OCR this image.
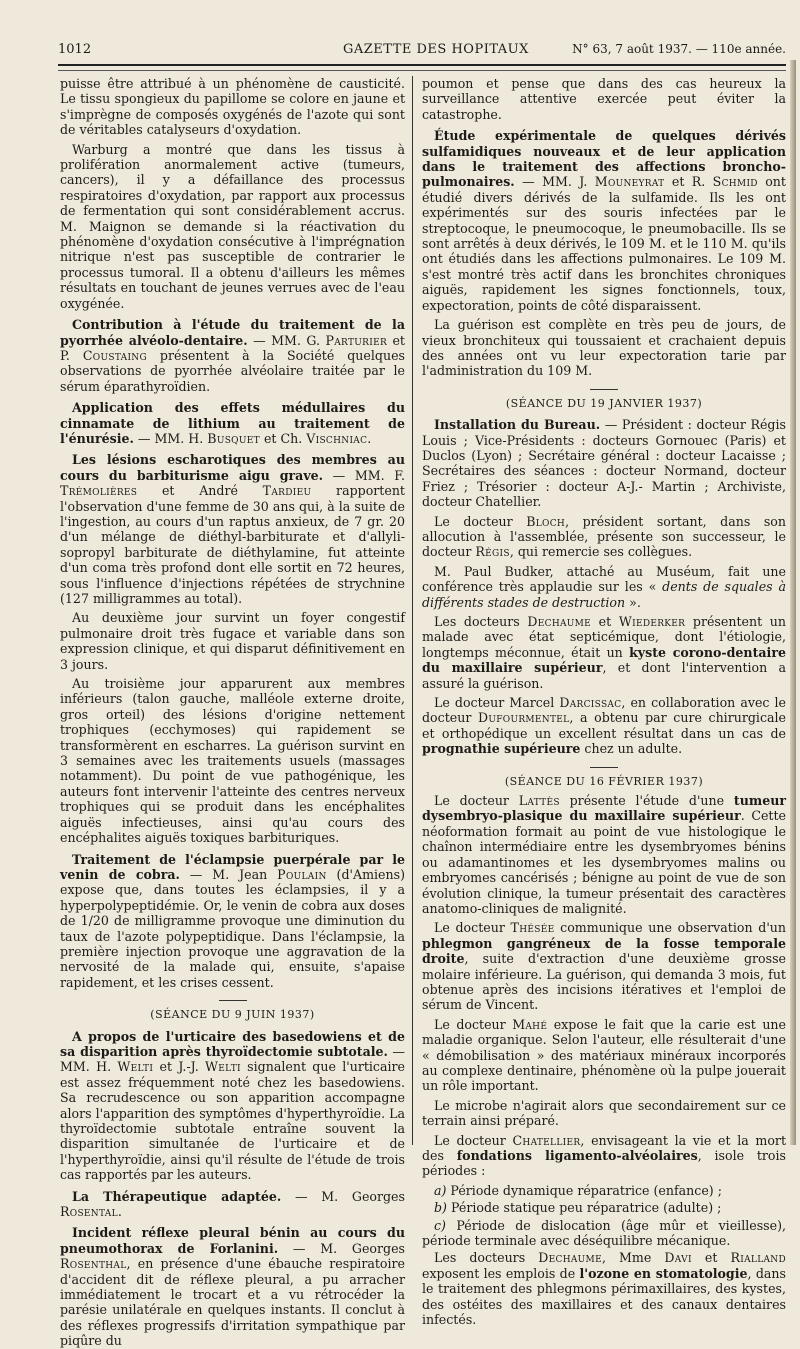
1012	GAZETTE DES HOPITAUX	N° 63, 7 août 1937. — 110e année.

puisse être attribué à un phénomène de causticité. Le tissu spongieux du papillome se colore en jaune et s'imprègne de composés oxygénés de l'azote qui sont de véritables catalyseurs d'oxydation.

Warburg a montré que dans les tissus à prolifération anormalement active (tumeurs, cancers), il y a défaillance des processus respiratoires d'oxydation, par rapport aux processus de fermentation qui sont considérablement accrus. M. Maignon se demande si la réactivation du phénomène d'oxydation consécutive à l'imprégnation nitrique n'est pas susceptible de contrarier le processus tumoral. Il a obtenu d'ailleurs les mêmes résultats en touchant de jeunes verrues avec de l'eau oxygénée.

Contribution à l'étude du traitement de la pyorrhée alvéolo-dentaire. — MM. G. Parturier et P. Coustaing présentent à la Société quelques observations de pyorrhée alvéolaire traitée par le sérum éparathyroïdien.

Application des effets médullaires du cinnamate de lithium au traitement de l'énurésie. — MM. H. Busquet et Ch. Vischniac.

Les lésions escharotiques des membres au cours du barbiturisme aigu grave. — MM. F. Trémolières et André Tardieu rapportent l'observation d'une femme de 30 ans qui, à la suite de l'ingestion, au cours d'un raptus anxieux, de 7 gr. 20 d'un mélange de diéthyl-barbiturate et d'allyli-sopropyl barbiturate de diéthylamine, fut atteinte d'un coma très profond dont elle sortit en 72 heures, sous l'influence d'injections répétées de strychnine (127 milligrammes au total).

Au deuxième jour survint un foyer congestif pulmonaire droit très fugace et variable dans son expression clinique, et qui disparut définitivement en 3 jours.

Au troisième jour apparurent aux membres inférieurs (talon gauche, malléole externe droite, gros orteil) des lésions d'origine nettement trophiques (ecchymoses) qui rapidement se transformèrent en escharres. La guérison survint en 3 semaines avec les traitements usuels (massages notamment). Du point de vue pathogénique, les auteurs font intervenir l'atteinte des centres nerveux trophiques qui se produit dans les encéphalites aiguës infectieuses, ainsi qu'au cours des encéphalites aiguës toxiques barbituriques.

Traitement de l'éclampsie puerpérale par le venin de cobra. — M. Jean Poulain (d'Amiens) expose que, dans toutes les éclampsies, il y a hyperpolypeptidémie. Or, le venin de cobra aux doses de 1/20 de milligramme provoque une diminution du taux de l'azote polypeptidique. Dans l'éclampsie, la première injection provoque une aggravation de la nervosité de la malade qui, ensuite, s'apaise rapidement, et les crises cessent.

(SÉANCE DU 9 JUIN 1937)

A propos de l'urticaire des basedowiens et de sa disparition après thyroïdectomie subtotale. — MM. H. Welti et J.-J. Welti signalent que l'urticaire est assez fréquemment noté chez les basedowiens. Sa recrudescence ou son apparition accompagne alors l'apparition des symptômes d'hyperthyroïdie. La thyroïdectomie subtotale entraîne souvent la disparition simultanée de l'urticaire et de l'hyperthyroïdie, ainsi qu'il résulte de l'étude de trois cas rapportés par les auteurs.

La Thérapeutique adaptée. — M. Georges Rosental.

Incident réflexe pleural bénin au cours du pneumothorax de Forlanini. — M. Georges Rosenthal, en présence d'une ébauche respiratoire d'accident dit de réflexe pleural, a pu arracher immédiatement le trocart et a vu rétrocéder la parésie unilatérale en quelques instants. Il conclut à des réflexes progressifs d'irritation sympathique par piqûre du

poumon et pense que dans des cas heureux la surveillance attentive exercée peut éviter la catastrophe.

Étude expérimentale de quelques dérivés sulfamidiques nouveaux et de leur application dans le traitement des affections broncho-pulmonaires. — MM. J. Mouneyrat et R. Schmid ont étudié divers dérivés de la sulfamide. Ils les ont expérimentés sur des souris infectées par le streptocoque, le pneumocoque, le pneumobacille. Ils se sont arrêtés à deux dérivés, le 109 M. et le 110 M. qu'ils ont étudiés dans les affections pulmonaires. Le 109 M. s'est montré très actif dans les bronchites chroniques aiguës, rapidement les signes fonctionnels, toux, expectoration, points de côté disparaissent.

La guérison est complète en très peu de jours, de vieux bronchiteux qui toussaient et crachaient depuis des années ont vu leur expectoration tarie par l'administration du 109 M.

(SÉANCE DU 19 JANVIER 1937)

Installation du Bureau. — Président : docteur Régis Louis ; Vice-Présidents : docteurs Gornouec (Paris) et Duclos (Lyon) ; Secrétaire général : docteur Lacaisse ; Secrétaires des séances : docteur Normand, docteur Friez ; Trésorier : docteur A-J.- Martin ; Archiviste, docteur Chatellier.

Le docteur Bloch, président sortant, dans son allocution à l'assemblée, présente son successeur, le docteur Régis, qui remercie ses collègues.

M. Paul Budker, attaché au Muséum, fait une conférence très applaudie sur les « dents de squales à différents stades de destruction ».

Les docteurs Dechaume et Wiederker présentent un malade avec état septicémique, dont l'étiologie, longtemps méconnue, était un kyste corono-dentaire du maxillaire supérieur, et dont l'intervention a assuré la guérison.

Le docteur Marcel Darcissac, en collaboration avec le docteur Dufourmentel, a obtenu par cure chirurgicale et orthopédique un excellent résultat dans un cas de prognathie supérieure chez un adulte.

(SÉANCE DU 16 FÉVRIER 1937)

Le docteur Lattès présente l'étude d'une tumeur dysembryo-plasique du maxillaire supérieur. Cette néoformation formait au point de vue histologique le chaînon intermédiaire entre les dysembryomes bénins ou adamantinomes et les dysembryomes malins ou embryomes cancérisés ; bénigne au point de vue de son évolution clinique, la tumeur présentait des caractères anatomo-cliniques de malignité.

Le docteur Thésée communique une observation d'un phlegmon gangréneux de la fosse temporale droite, suite d'extraction d'une deuxième grosse molaire inférieure. La guérison, qui demanda 3 mois, fut obtenue après des incisions itératives et l'emploi de sérum de Vincent.

Le docteur Mahé expose le fait que la carie est une maladie organique. Selon l'auteur, elle résulterait d'une « démobilisation » des matériaux minéraux incorporés au complexe dentinaire, phénomène où la pulpe jouerait un rôle important.

Le microbe n'agirait alors que secondairement sur ce terrain ainsi préparé.

Le docteur Chatellier, envisageant la vie et la mort des fondations ligamento-alvéolaires, isole trois périodes :

a) Période dynamique réparatrice (enfance) ;

b) Période statique peu réparatrice (adulte) ;

c) Période de dislocation (âge mûr et vieillesse), période terminale avec déséquilibre mécanique.

Les docteurs Dechaume, Mme Davi et Rialland exposent les emplois de l'ozone en stomatologie, dans le traitement des phlegmons périmaxillaires, des kystes, des ostéites des maxillaires et des canaux dentaires infectés.
